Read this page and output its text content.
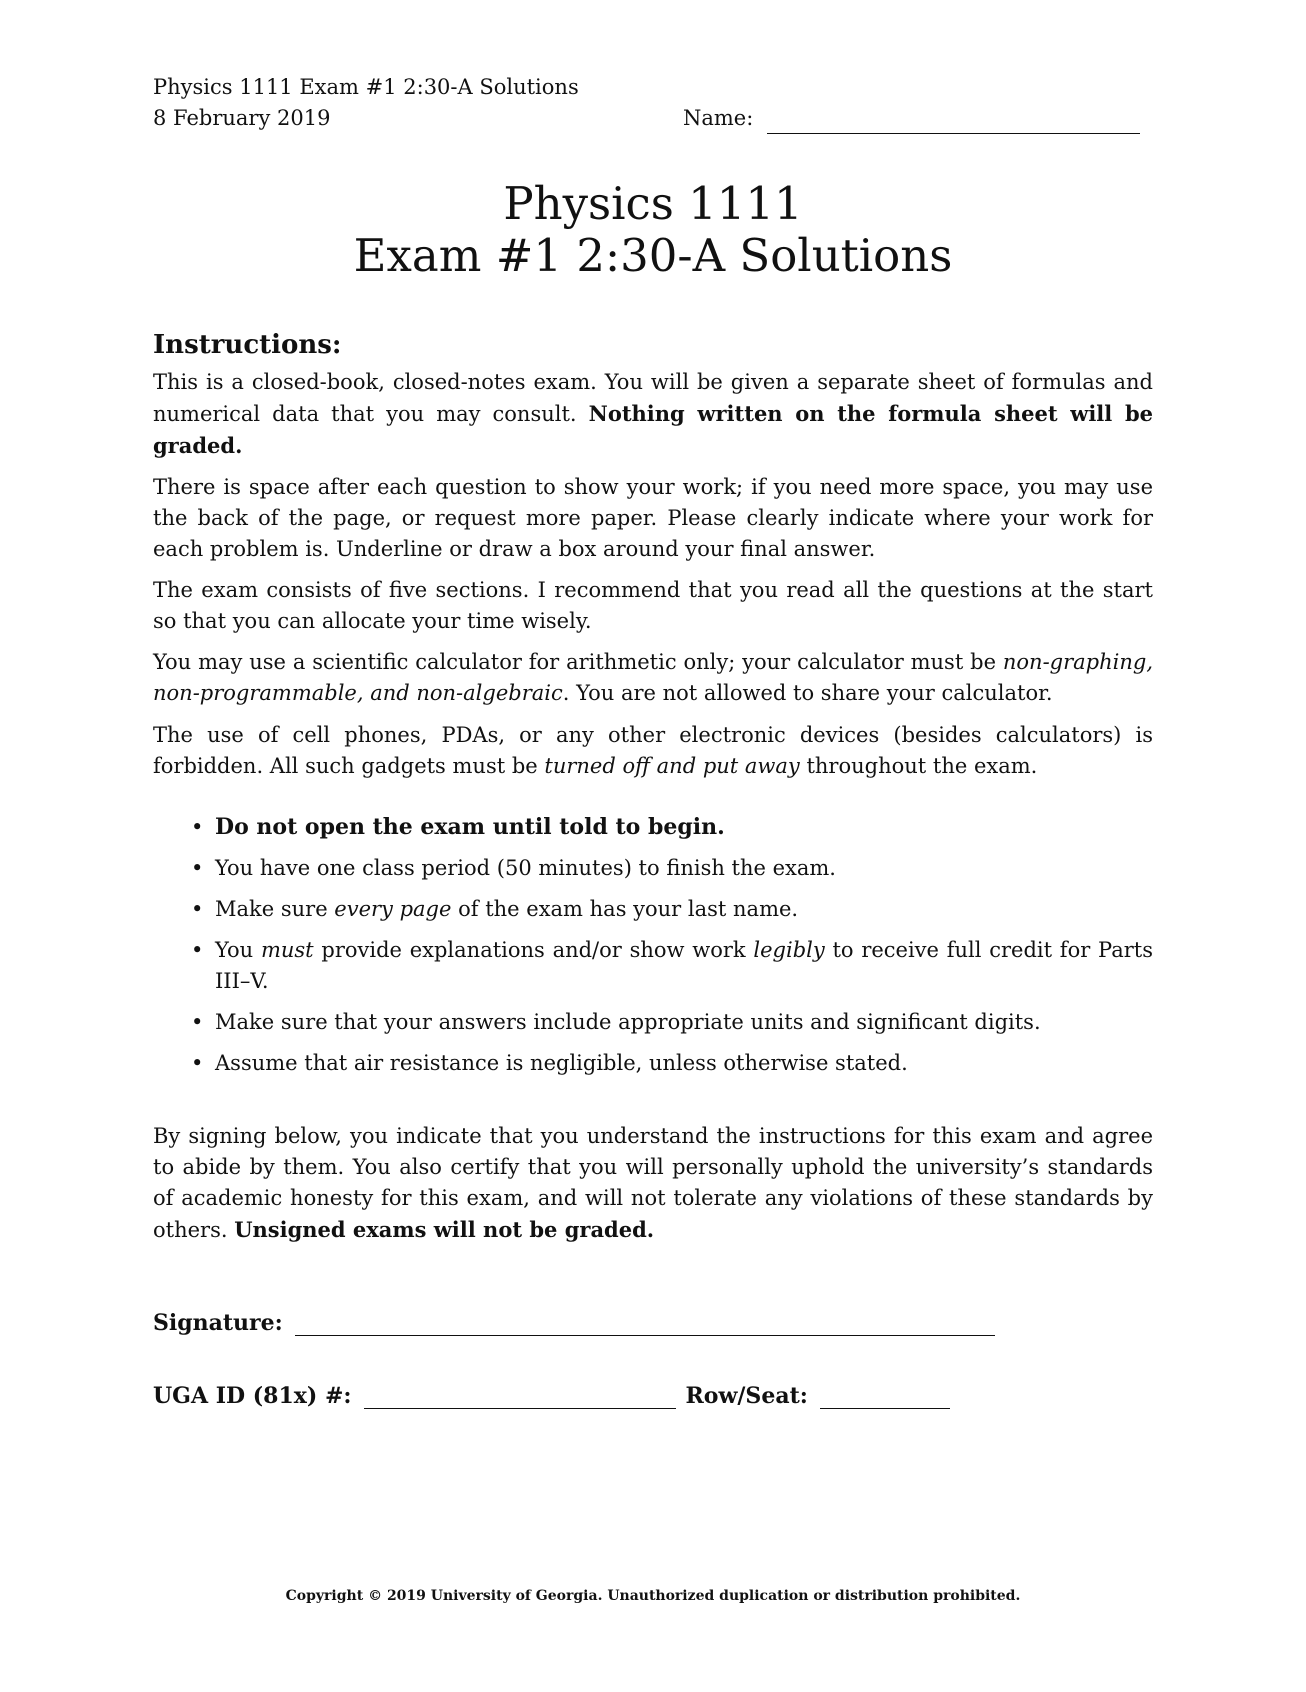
Physics 1111 Exam #1 2:30-A Solutions
8 February 2019	Name:
Physics 1111
Exam #1 2:30-A Solutions
Instructions:
This is a closed-book, closed-notes exam. You will be given a separate sheet of formulas and numerical data that you may consult. Nothing written on the formula sheet will be graded.
There is space after each question to show your work; if you need more space, you may use the back of the page, or request more paper. Please clearly indicate where your work for each problem is. Underline or draw a box around your final answer.
The exam consists of five sections. I recommend that you read all the questions at the start so that you can allocate your time wisely.
You may use a scientific calculator for arithmetic only; your calculator must be non-graphing, non-programmable, and non-algebraic. You are not allowed to share your calculator.
The use of cell phones, PDAs, or any other electronic devices (besides calculators) is forbidden. All such gadgets must be turned off and put away throughout the exam.
• Do not open the exam until told to begin.
• You have one class period (50 minutes) to finish the exam.
• Make sure every page of the exam has your last name.
• You must provide explanations and/or show work legibly to receive full credit for Parts III–V.
• Make sure that your answers include appropriate units and significant digits.
• Assume that air resistance is negligible, unless otherwise stated.
By signing below, you indicate that you understand the instructions for this exam and agree to abide by them. You also certify that you will personally uphold the university’s standards of academic honesty for this exam, and will not tolerate any violations of these standards by others. Unsigned exams will not be graded.
Signature:
UGA ID (81x) #:	Row/Seat:
Copyright © 2019 University of Georgia. Unauthorized duplication or distribution prohibited.
